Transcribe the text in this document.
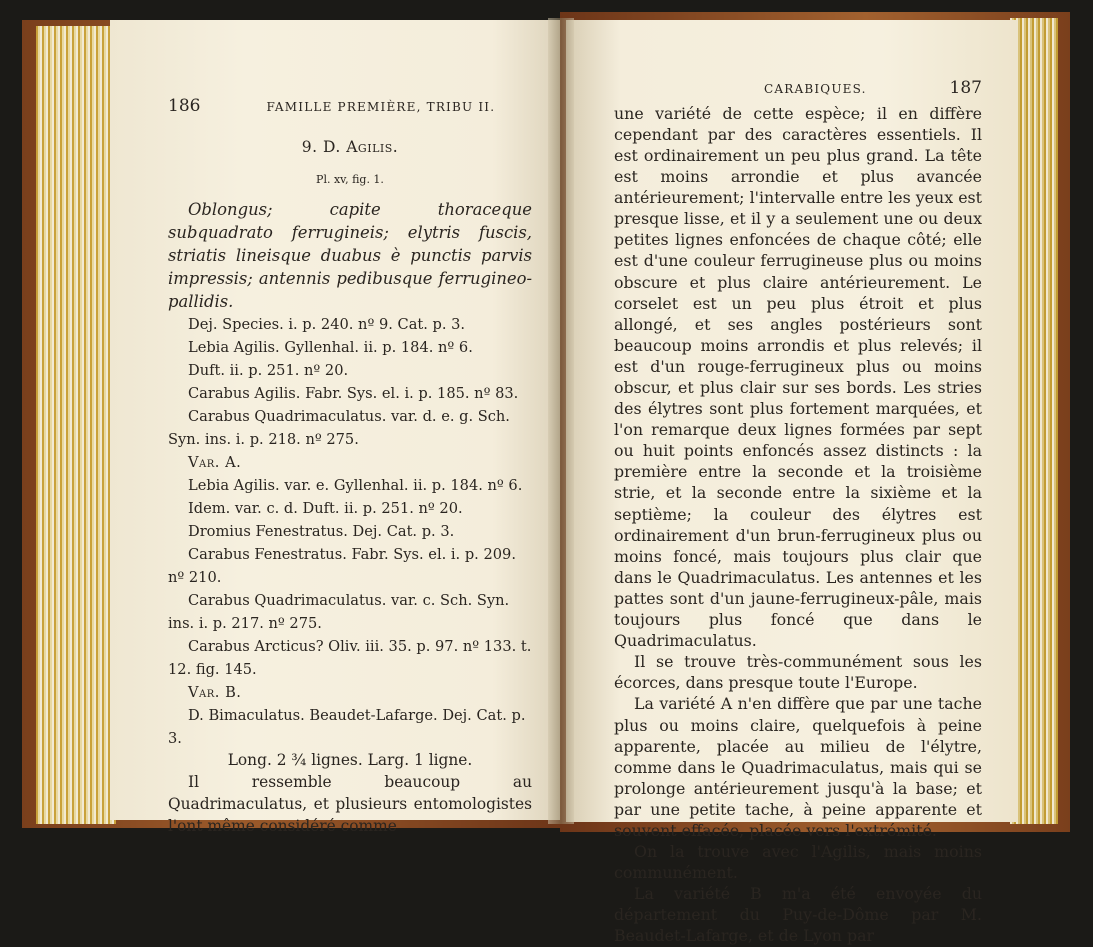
186	FAMILLE PREMIÈRE, TRIBU II.
9. D. Agilis.
Pl. xv, fig. 1.

Oblongus; capite thoraceque subquadrato ferrugineis; elytris fuscis, striatis lineisque duabus è punctis parvis impressis; antennis pedibusque ferrugineo-pallidis.

Dej. Species. i. p. 240. nº 9. Cat. p. 3.

Lebia Agilis. Gyllenhal. ii. p. 184. nº 6.

Duft. ii. p. 251. nº 20.

Carabus Agilis. Fabr. Sys. el. i. p. 185. nº 83.

Carabus Quadrimaculatus. var. d. e. g. Sch. Syn. ins. i. p. 218. nº 275.

Var. A.

Lebia Agilis. var. e. Gyllenhal. ii. p. 184. nº 6.

Idem. var. c. d. Duft. ii. p. 251. nº 20.

Dromius Fenestratus. Dej. Cat. p. 3.

Carabus Fenestratus. Fabr. Sys. el. i. p. 209. nº 210.

Carabus Quadrimaculatus. var. c. Sch. Syn. ins. i. p. 217. nº 275.

Carabus Arcticus? Oliv. iii. 35. p. 97. nº 133. t. 12. fig. 145.

Var. B.

D. Bimaculatus. Beaudet-Lafarge. Dej. Cat. p. 3.

Long. 2 ¾ lignes. Larg. 1 ligne.

Il ressemble beaucoup au Quadrimaculatus, et plusieurs entomologistes l'ont même considéré comme

CARABIQUES.	187

une variété de cette espèce; il en diffère cependant par des caractères essentiels. Il est ordinairement un peu plus grand. La tête est moins arrondie et plus avancée antérieurement; l'intervalle entre les yeux est presque lisse, et il y a seulement une ou deux petites lignes enfoncées de chaque côté; elle est d'une couleur ferrugineuse plus ou moins obscure et plus claire antérieurement. Le corselet est un peu plus étroit et plus allongé, et ses angles postérieurs sont beaucoup moins arrondis et plus relevés; il est d'un rouge-ferrugineux plus ou moins obscur, et plus clair sur ses bords. Les stries des élytres sont plus fortement marquées, et l'on remarque deux lignes formées par sept ou huit points enfoncés assez distincts : la première entre la seconde et la troisième strie, et la seconde entre la sixième et la septième; la couleur des élytres est ordinairement d'un brun-ferrugineux plus ou moins foncé, mais toujours plus clair que dans le Quadrimaculatus. Les antennes et les pattes sont d'un jaune-ferrugineux-pâle, mais toujours plus foncé que dans le Quadrimaculatus.

Il se trouve très-communément sous les écorces, dans presque toute l'Europe.

La variété A n'en diffère que par une tache plus ou moins claire, quelquefois à peine apparente, placée au milieu de l'élytre, comme dans le Quadrimaculatus, mais qui se prolonge antérieurement jusqu'à la base; et par une petite tache, à peine apparente et souvent effacée, placée vers l'extrémité.

On la trouve avec l'Agilis, mais moins communément.

La variété B m'a été envoyée du département du Puy-de-Dôme par M. Beaudet-Lafarge, et de Lyon par
